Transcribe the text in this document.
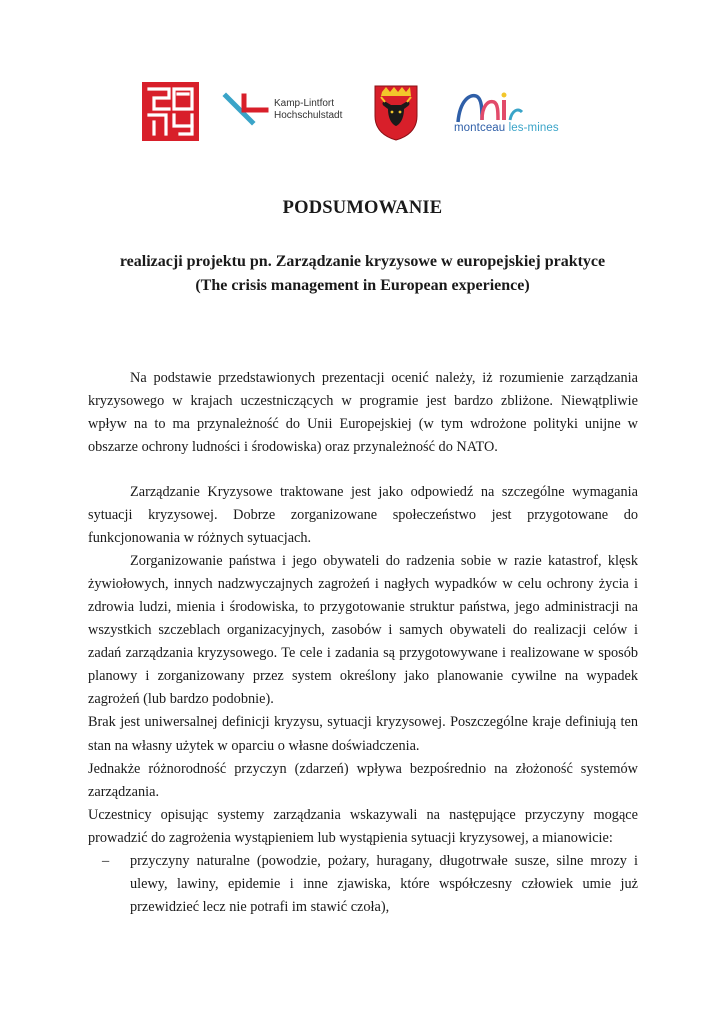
Kamp-Lintfort
Hochschulstadt
montceau les-mines
PODSUMOWANIE
realizacji projektu pn. Zarządzanie kryzysowe w europejskiej praktyce
(The crisis management in European experience)

Na podstawie przedstawionych prezentacji ocenić należy, iż rozumienie zarządzania kryzysowego w krajach uczestniczących w programie jest bardzo zbliżone. Niewątpliwie wpływ na to ma przynależność do Unii Europejskiej (w tym wdrożone polityki unijne w obszarze ochrony ludności i środowiska) oraz przynależność do NATO.

Zarządzanie Kryzysowe traktowane jest jako odpowiedź na szczególne wymagania sytuacji kryzysowej. Dobrze zorganizowane społeczeństwo jest przygotowane do funkcjonowania w różnych sytuacjach.

Zorganizowanie państwa i jego obywateli do radzenia sobie w razie katastrof, klęsk żywiołowych, innych nadzwyczajnych zagrożeń i nagłych wypadków w celu ochrony życia i zdrowia ludzi, mienia i środowiska, to przygotowanie struktur państwa, jego administracji na wszystkich szczeblach organizacyjnych, zasobów i samych obywateli do realizacji celów i zadań zarządzania kryzysowego. Te cele i zadania są przygotowywane i realizowane w sposób planowy i zorganizowany przez system określony jako planowanie cywilne na wypadek zagrożeń (lub bardzo podobnie).

Brak jest uniwersalnej definicji kryzysu, sytuacji kryzysowej. Poszczególne kraje definiują ten stan na własny użytek w oparciu o własne doświadczenia.

Jednakże różnorodność przyczyn (zdarzeń) wpływa bezpośrednio na złożoność systemów zarządzania.

Uczestnicy opisując systemy zarządzania wskazywali na następujące przyczyny mogące prowadzić do zagrożenia wystąpieniem lub wystąpienia sytuacji kryzysowej, a mianowicie:

– przyczyny naturalne (powodzie, pożary, huragany, długotrwałe susze, silne mrozy i ulewy, lawiny, epidemie i inne zjawiska, które współczesny człowiek umie już przewidzieć lecz nie potrafi im stawić czoła),
